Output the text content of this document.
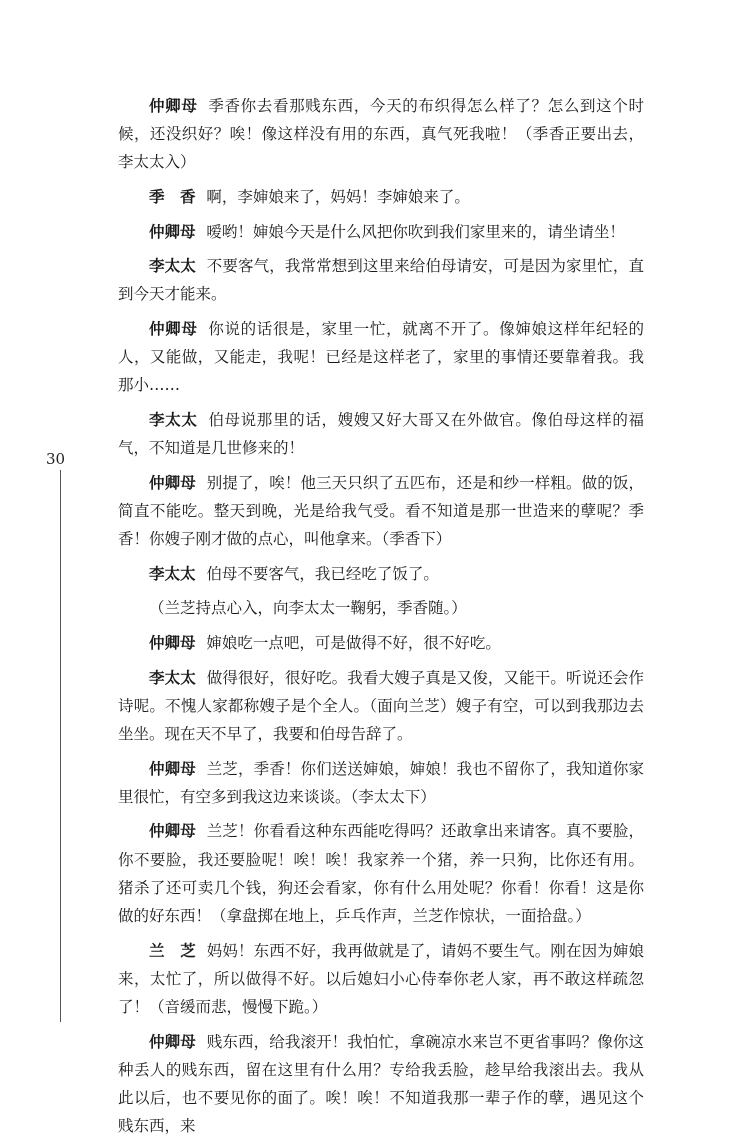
30

仲卿母 季香你去看那贱东西，今天的布织得怎么样了？怎么到这个时候，还没织好？唉！像这样没有用的东西，真气死我啦！（季香正要出去，李太太入）

季　香 啊，李婶娘来了，妈妈！李婶娘来了。

仲卿母 嗳哟！婶娘今天是什么风把你吹到我们家里来的，请坐请坐！

李太太 不要客气，我常常想到这里来给伯母请安，可是因为家里忙，直到今天才能来。

仲卿母 你说的话很是，家里一忙，就离不开了。像婶娘这样年纪轻的人，又能做，又能走，我呢！已经是这样老了，家里的事情还要靠着我。我那小……

李太太 伯母说那里的话，嫂嫂又好大哥又在外做官。像伯母这样的福气，不知道是几世修来的！

仲卿母 别提了，唉！他三天只织了五匹布，还是和纱一样粗。做的饭，简直不能吃。整天到晚，光是给我气受。看不知道是那一世造来的孽呢？季香！你嫂子刚才做的点心，叫他拿来。（季香下）

李太太 伯母不要客气，我已经吃了饭了。

（兰芝持点心入，向李太太一鞠躬，季香随。）

仲卿母 婶娘吃一点吧，可是做得不好，很不好吃。

李太太 做得很好，很好吃。我看大嫂子真是又俊，又能干。听说还会作诗呢。不愧人家都称嫂子是个全人。（面向兰芝）嫂子有空，可以到我那边去坐坐。现在天不早了，我要和伯母告辞了。

仲卿母 兰芝，季香！你们送送婶娘，婶娘！我也不留你了，我知道你家里很忙，有空多到我这边来谈谈。（李太太下）

仲卿母 兰芝！你看看这种东西能吃得吗？还敢拿出来请客。真不要脸，你不要脸，我还要脸呢！唉！唉！我家养一个猪，养一只狗，比你还有用。猪杀了还可卖几个钱，狗还会看家，你有什么用处呢？你看！你看！这是你做的好东西！（拿盘掷在地上，乒乓作声，兰芝作惊状，一面拾盘。）

兰　芝 妈妈！东西不好，我再做就是了，请妈不要生气。刚在因为婶娘来，太忙了，所以做得不好。以后媳妇小心侍奉你老人家，再不敢这样疏忽了！（音缓而悲，慢慢下跪。）

仲卿母 贱东西，给我滚开！我怕忙，拿碗凉水来岂不更省事吗？像你这种丢人的贱东西，留在这里有什么用？专给我丢脸，趁早给我滚出去。我从此以后，也不要见你的面了。唉！唉！不知道我那一辈子作的孽，遇见这个贱东西，来
